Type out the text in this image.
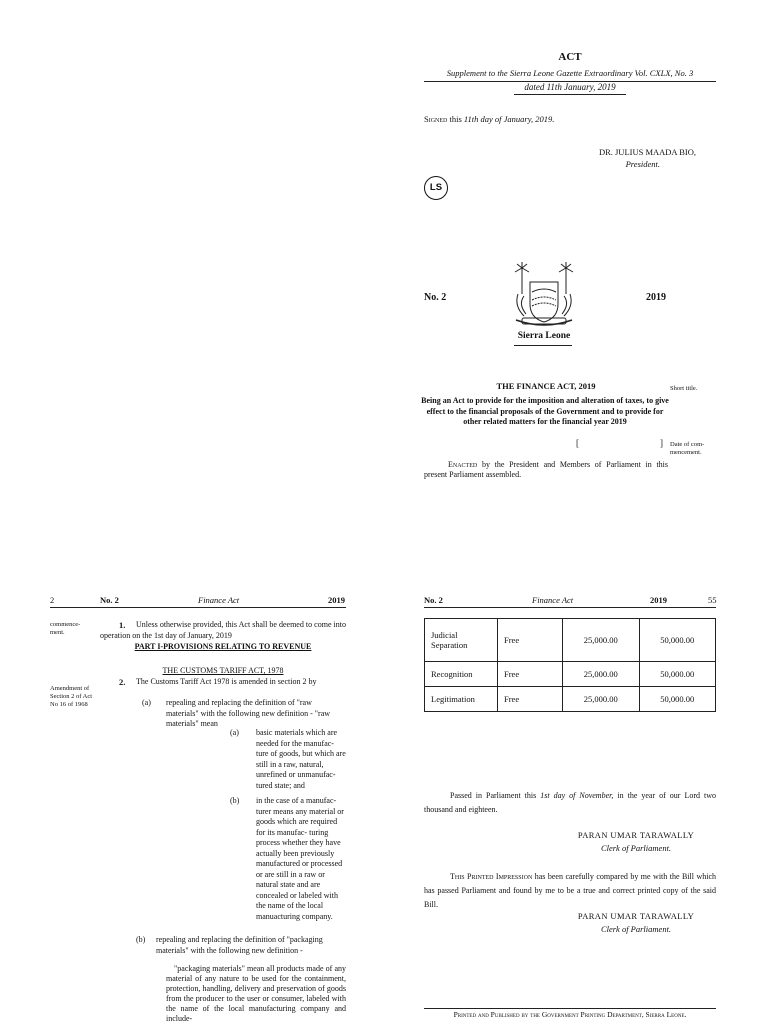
ACT
Supplement to the Sierra Leone Gazette Extraordinary Vol. CXLX, No. 3
dated 11th January, 2019
Signed this 11th day of January, 2019.
DR. JULIUS MAADA BIO,
President.
LS
No. 2	2019
Sierra Leone
THE FINANCE ACT, 2019	Short title.
Being an Act to provide for the imposition and alteration of taxes, to give effect to the financial proposals of the Government and to provide for other related matters for the financial year 2019
[	] Date of com- mencement.
Enacted by the President and Members of Parliament in this present Parliament assembled.
2	No. 2	Finance Act	2019
commence- ment.
1.	Unless otherwise provided, this Act shall be deemed to come into operation on the 1st day of January, 2019
PART I-PROVISIONS RELATING TO REVENUE
THE CUSTOMS TARIFF ACT, 1978
Amendment of Section 2 of Act No 16 of 1968
2. The Customs Tariff Act 1978 is amended in section 2 by
(a) repealing and replacing the definition of "raw materials" with the following new definition - "raw materials" mean
(a) basic materials which are needed for the manufac- ture of goods, but which are still in a raw, natural, unrefined or unmanufac- tured state; and
(b) in the case of a manufac- turer means any material or goods which are required for its manufac- turing process whether they have actually been previously manufactured or processed or are still in a raw or natural state and are concealed or labeled with the name of the local manuacturing company.
(b) repealing and replacing the definition of "packaging materials" with the following new definition -
"packaging materials" mean all products made of any material of any nature to be used for the containment, protection, handling, delivery and preservation of goods from the producer to the user or consumer, labeled with the name of the local manufacturing company and include-
No. 2	Finance Act	2019	55
Judicial Separation	Free	25,000.00	50,000.00
Recognition	Free	25,000.00	50,000.00
Legitimation	Free	25,000.00	50,000.00
Passed in Parliament this 1st day of November, in the year of our Lord two thousand and eighteen.
PARAN UMAR TARAWALLY
Clerk of Parliament.
This Printed Impression has been carefully compared by me with the Bill which has passed Parliament and found by me to be a true and correct printed copy of the said Bill.
PARAN UMAR TARAWALLY
Clerk of Parliament.
Printed and Published by the Government Printing Department, Sierra Leone.
